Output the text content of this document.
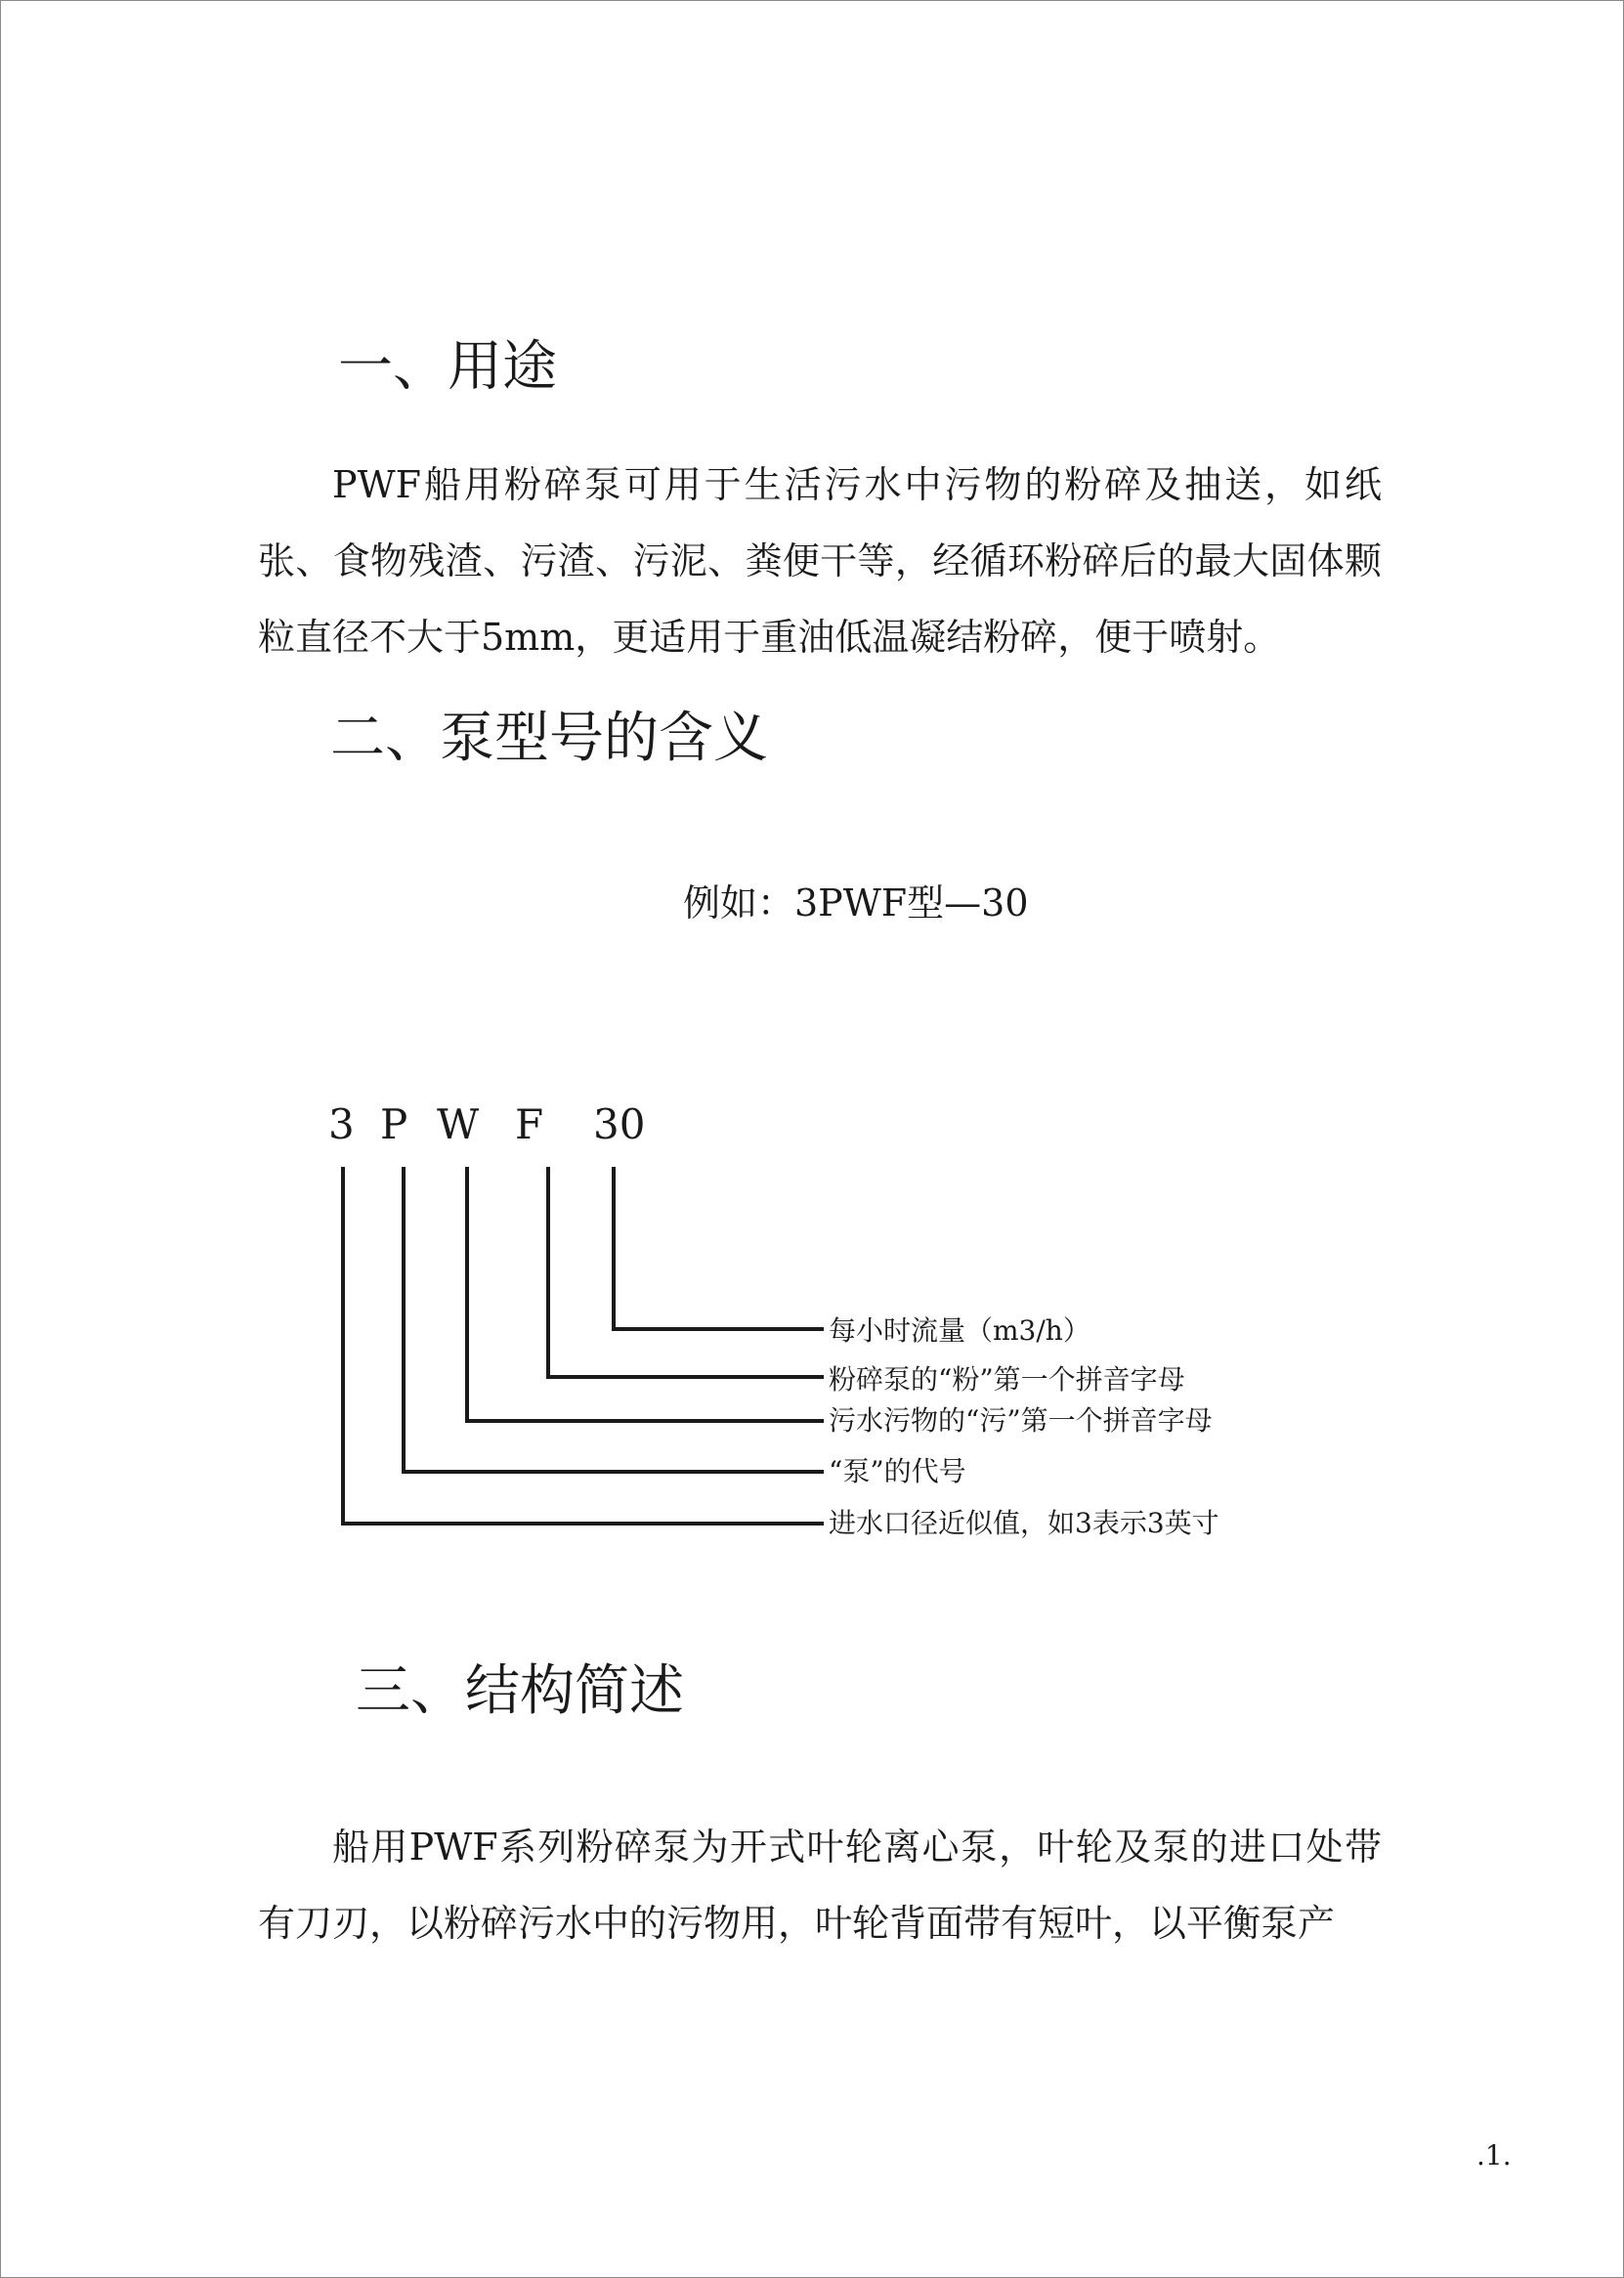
一、用途
PWF船用粉碎泵可用于生活污水中污物的粉碎及抽送，如纸张、食物残渣、污渣、污泥、粪便干等，经循环粉碎后的最大固体颗粒直径不大于5mm，更适用于重油低温凝结粉碎，便于喷射。
二、泵型号的含义
例如：3PWF型—30
3 P W F 30
每小时流量（m3/h）
粉碎泵的“粉”第一个拼音字母
污水污物的“污”第一个拼音字母
“泵”的代号
进水口径近似值，如3表示3英寸
三、结构简述
船用PWF系列粉碎泵为开式叶轮离心泵，叶轮及泵的进口处带有刀刃，以粉碎污水中的污物用，叶轮背面带有短叶，以平衡泵产
.1.
